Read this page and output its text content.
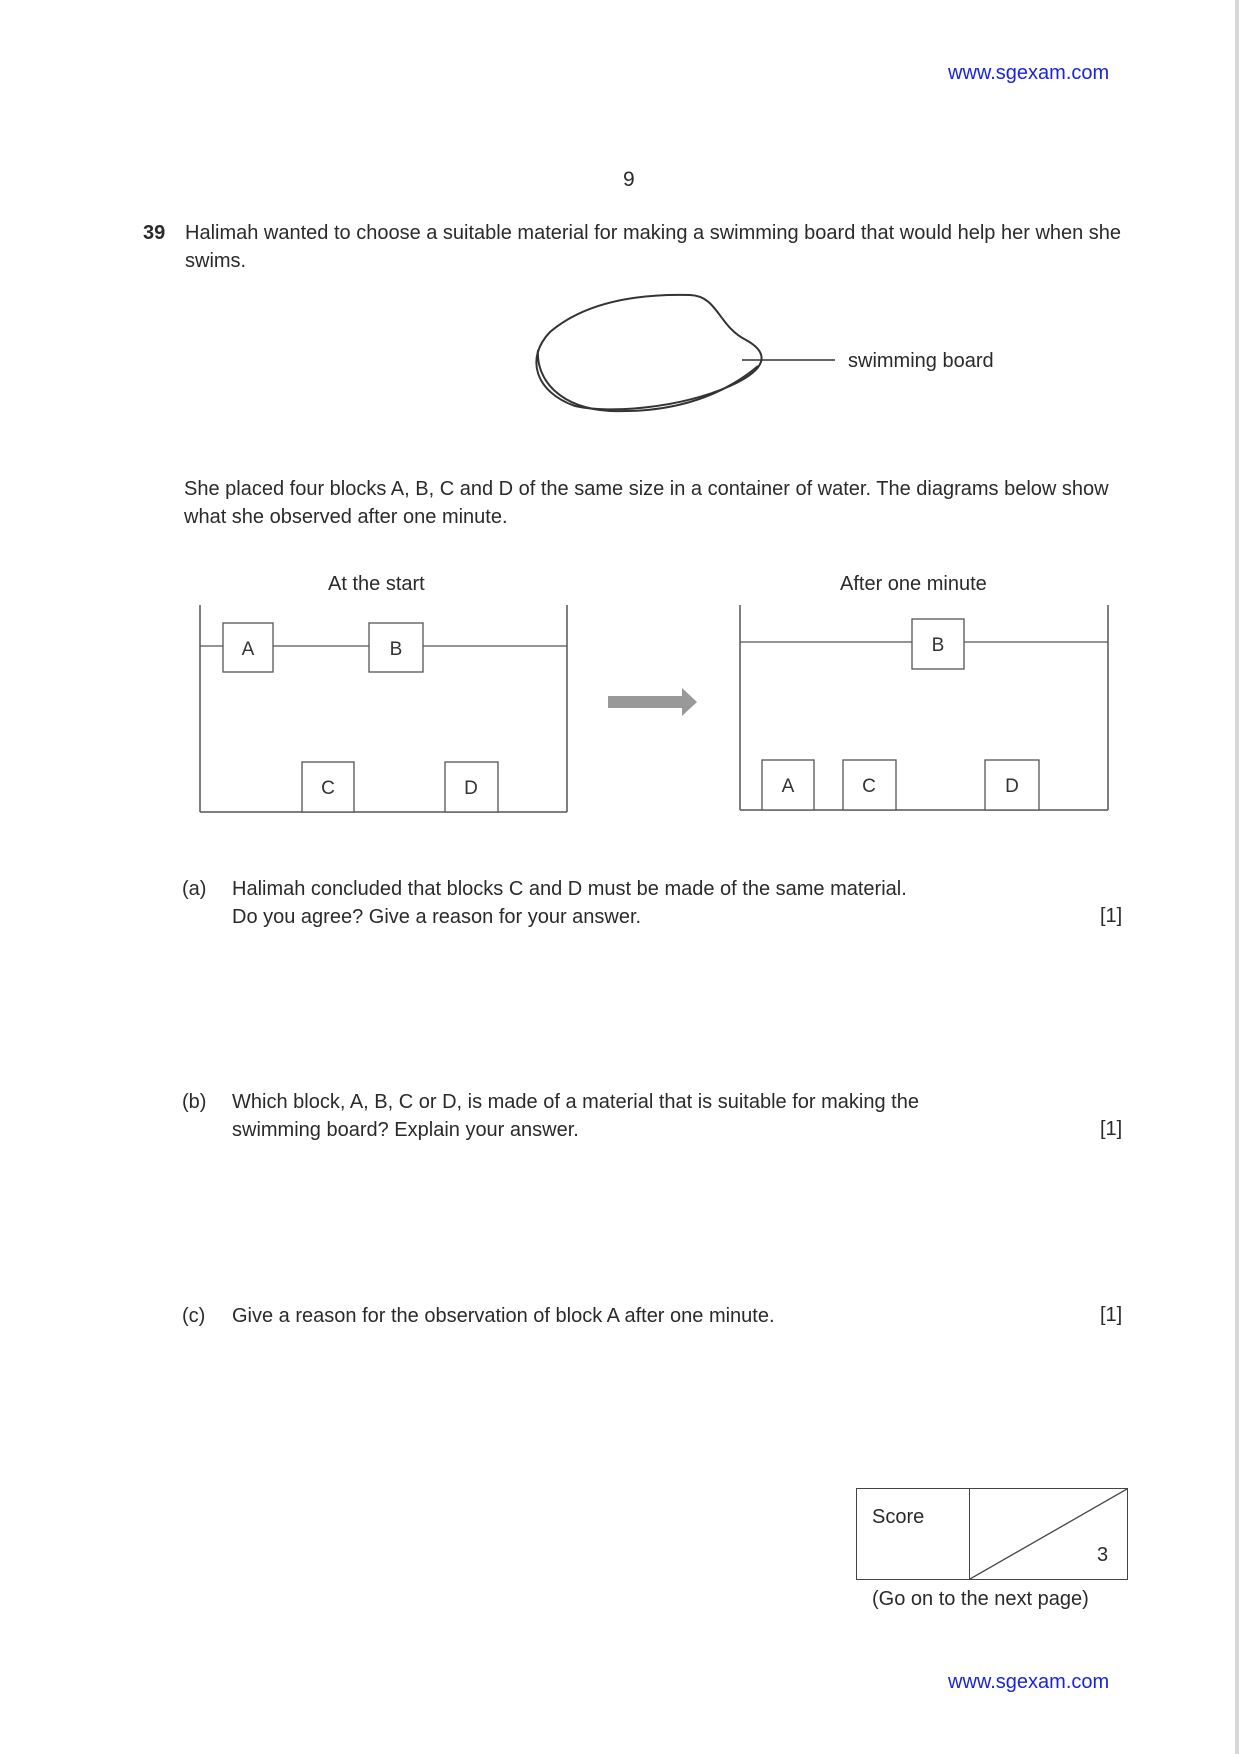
www.sgexam.com
9
39 Halimah wanted to choose a suitable material for making a swimming board that would help her when she swims.
swimming board
She placed four blocks A, B, C and D of the same size in a container of water. The diagrams below show what she observed after one minute.
At the start	After one minute
A	B
C	D
B
A	C	D
(a) Halimah concluded that blocks C and D must be made of the same material.
Do you agree? Give a reason for your answer.	[1]
(b) Which block, A, B, C or D, is made of a material that is suitable for making the
swimming board? Explain your answer.	[1]
(c) Give a reason for the observation of block A after one minute.	[1]
Score
3
(Go on to the next page)
www.sgexam.com
